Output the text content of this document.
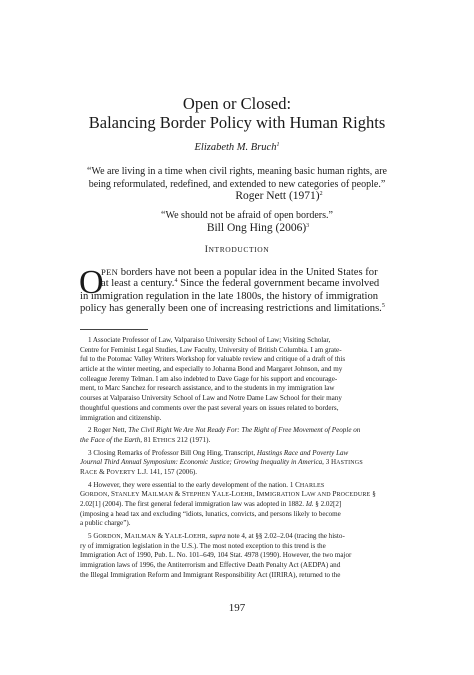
Open or Closed:
Balancing Border Policy with Human Rights
Elizabeth M. Bruch$^1$
“We are living in a time when civil rights, meaning basic human rights, are
being reformulated, redefined, and extended to new categories of people.”
Roger Nett $(1971)^2$
“We should not be afraid of open borders.”
Bill Ong Hing $(2006)^3$
INTRODUCTION
O
PEN borders have not been a popular idea in the United States for
at least a century.$^4$ Since the federal government became involved
in immigration regulation in the late 1800s, the history of immigration
policy has generally been one of increasing restrictions and limitations.$^5$
1 Associate Professor of Law, Valparaiso University School of Law; Visiting Scholar,
Centre for Feminist Legal Studies, Law Faculty, University of British Columbia. I am grate-
ful to the Potomac Valley Writers Workshop for valuable review and critique of a draft of this
article at the winter meeting, and especially to Johanna Bond and Margaret Johnson, and my
colleague Jeremy Telman. I am also indebted to Dave Gage for his support and encourage-
ment, to Marc Sanchez for research assistance, and to the students in my immigration law
courses at Valparaiso University School of Law and Notre Dame Law School for their many
thoughtful questions and comments over the past several years on issues related to borders,
immigration and citizenship.
2 Roger Nett, The Civil Right We Are Not Ready For: The Right of Free Movement of People on
the Face of the Earth, 81 ETHICS 212 (1971).
3 Closing Remarks of Professor Bill Ong Hing, Transcript, Hastings Race and Poverty Law
Journal Third Annual Symposium: Economic Justice; Growing Inequality in America, 3 HASTINGS
RACE & POVERTY L.J. 141, 157 (2006).
4 However, they were essential to the early development of the nation. 1 CHARLES
GORDON, STANLEY MAILMAN & STEPHEN YALE-LOEHR, IMMIGRATION LAW AND PROCEDURE §
2.02[1] (2004). The first general federal immigration law was adopted in 1882. Id. § 2.02[2]
(imposing a head tax and excluding “idiots, lunatics, convicts, and persons likely to become
a public charge”).
5 GORDON, MAILMAN & YALE-LOEHR, supra note 4, at §§ 2.02–2.04 (tracing the histo-
ry of immigration legislation in the U.S.). The most noted exception to this trend is the
Immigration Act of 1990, Pub. L. No. 101–649, 104 Stat. 4978 (1990). However, the two major
immigration laws of 1996, the Antiterrorism and Effective Death Penalty Act (AEDPA) and
the Illegal Immigration Reform and Immigrant Responsibility Act (IIRIRA), returned to the
197
